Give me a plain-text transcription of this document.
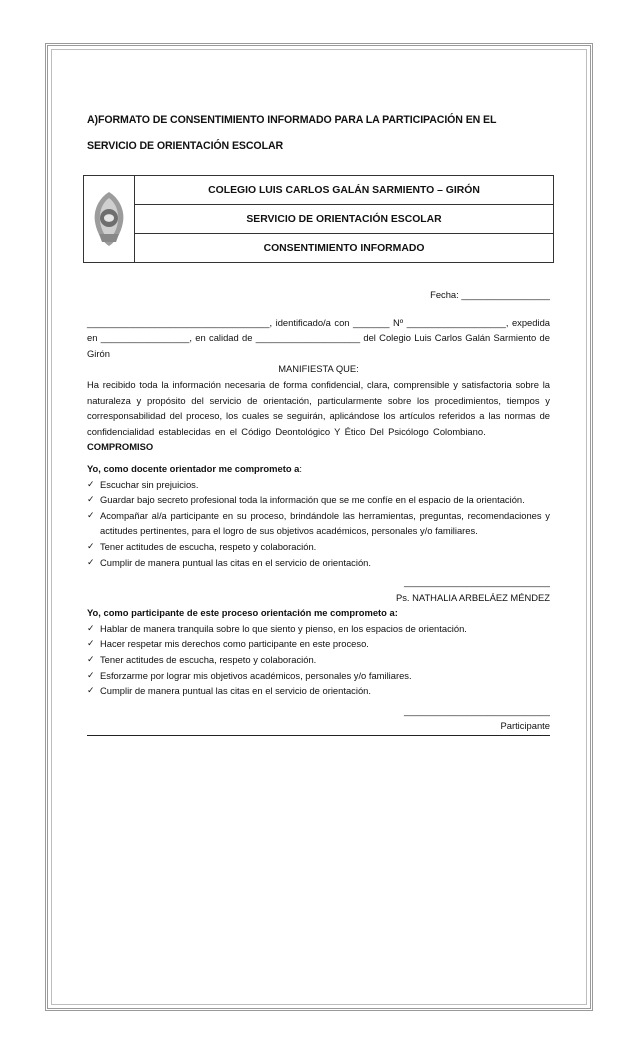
A)FORMATO DE CONSENTIMIENTO INFORMADO PARA LA PARTICIPACIÓN EN EL
SERVICIO DE ORIENTACIÓN ESCOLAR
	COLEGIO LUIS CARLOS GALÁN SARMIENTO – GIRÓN
SERVICIO DE ORIENTACIÓN ESCOLAR
CONSENTIMIENTO INFORMADO

Fecha: _________________

___________________________________, identificado/a con _______ Nº ___________________, expedida en _________________, en calidad de ____________________ del Colegio Luis Carlos Galán Sarmiento de Girón

MANIFIESTA QUE:

Ha recibido toda la información necesaria de forma confidencial, clara, comprensible y satisfactoria sobre la naturaleza y propósito del servicio de orientación, particularmente sobre los procedimientos, tiempos y corresponsabilidad del proceso, los cuales se seguirán, aplicándose los artículos referidos a las normas de confidencialidad establecidas en el Código Deontológico Y Ético Del Psicólogo Colombiano.  COMPROMISO

Yo, como docente orientador me comprometo a:

✓ Escuchar sin prejuicios.
✓ Guardar bajo secreto profesional toda la información que se me confíe en el espacio de la orientación.
✓ Acompañar al/a participante en su proceso, brindándole las herramientas, preguntas, recomendaciones y actitudes pertinentes, para el logro de sus objetivos académicos, personales y/o familiares.
✓ Tener actitudes de escucha, respeto y colaboración.
✓ Cumplir de manera puntual las citas en el servicio de orientación.

____________________________

Ps. NATHALIA ARBELÁEZ MÉNDEZ

Yo, como participante de este proceso orientación me comprometo a:

✓ Hablar de manera tranquila sobre lo que siento y pienso, en los espacios de orientación.
✓ Hacer respetar mis derechos como participante en este proceso.
✓ Tener actitudes de escucha, respeto y colaboración.
✓ Esforzarme por lograr mis objetivos académicos, personales y/o familiares.
✓ Cumplir de manera puntual las citas en el servicio de orientación.

____________________________

Participante
